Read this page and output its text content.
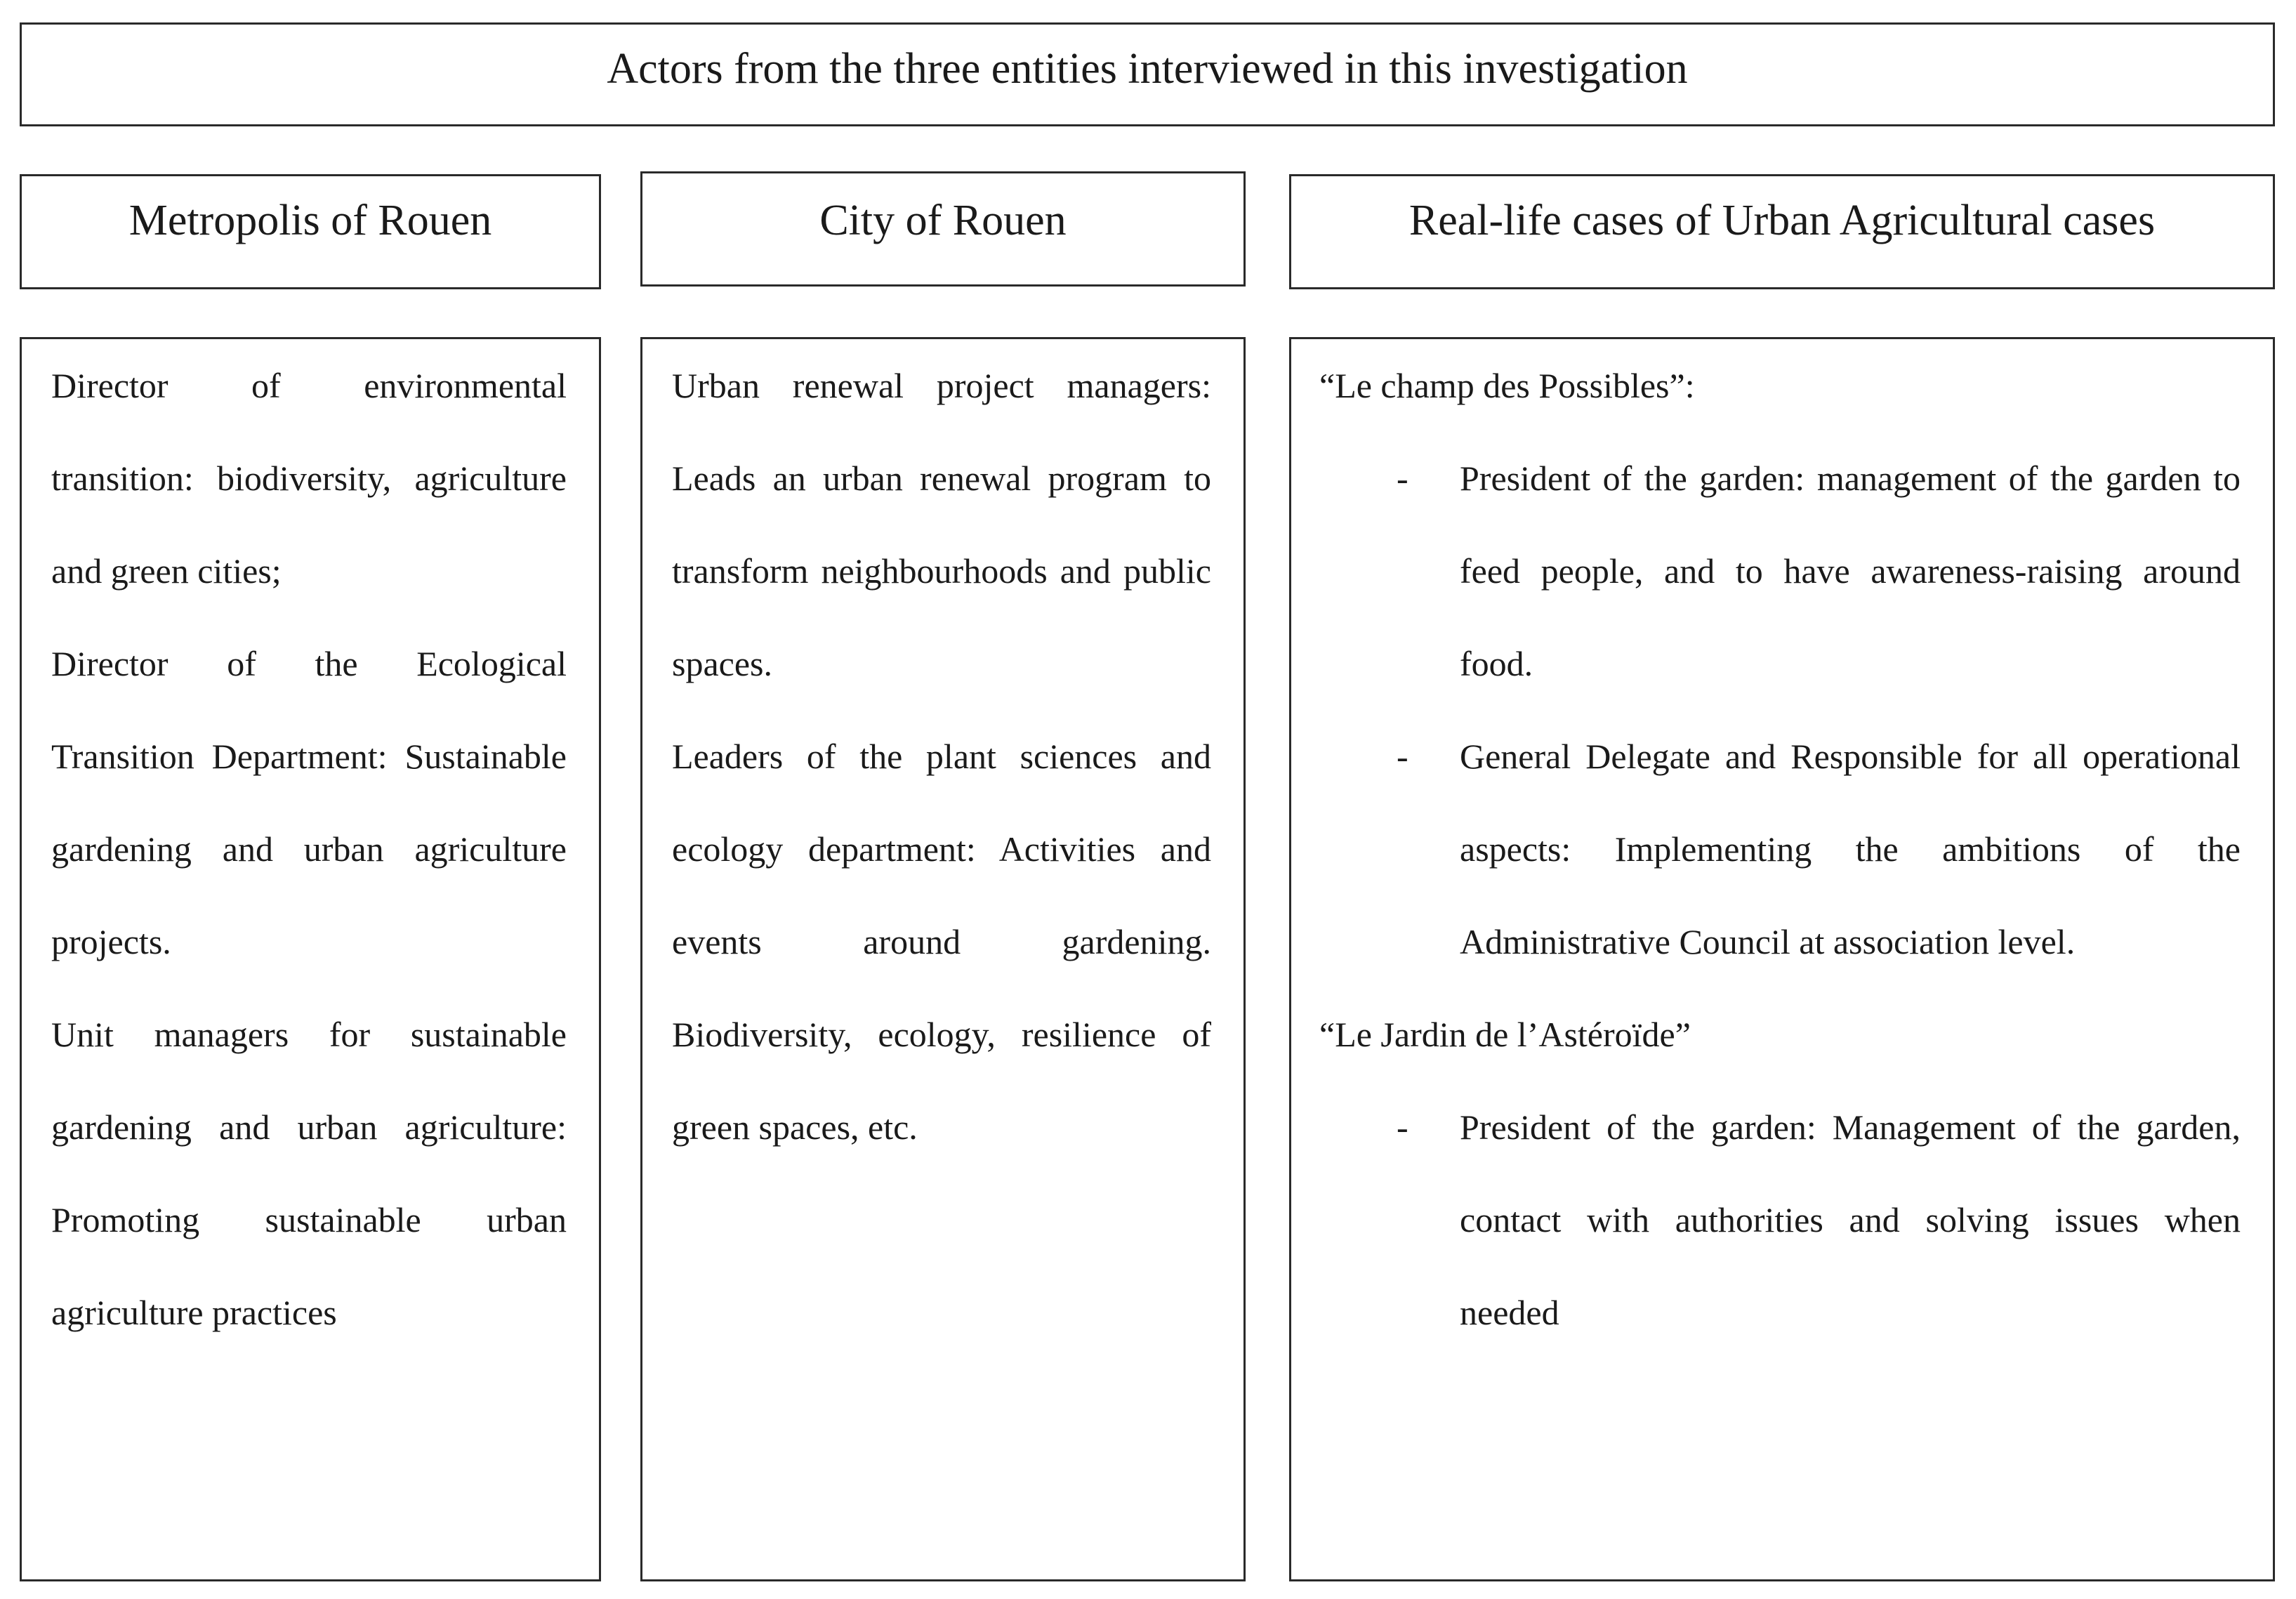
Actors from the three entities interviewed in this investigation
Metropolis of Rouen	City of Rouen	Real-life cases of Urban Agricultural cases

Director of environmental transition: biodiversity, agriculture and green cities;

Director of the Ecological Transition Department: Sustainable gardening and urban agriculture projects.

Unit managers for sustainable gardening and urban agriculture: Promoting sustainable urban agriculture practices

Urban renewal project managers: Leads an urban renewal program to transform neighbourhoods and public spaces.

Leaders of the plant sciences and ecology department: Activities and events around gardening. Biodiversity, ecology, resilience of green spaces, etc.

“Le champ des Possibles”:

- President of the garden: management of the garden to feed people, and to have awareness-raising around food.

- General Delegate and Responsible for all operational aspects: Implementing the ambitions of the Administrative Council at association level.

“Le Jardin de l’Astéroïde”

- President of the garden: Management of the garden, contact with authorities and solving issues when needed
